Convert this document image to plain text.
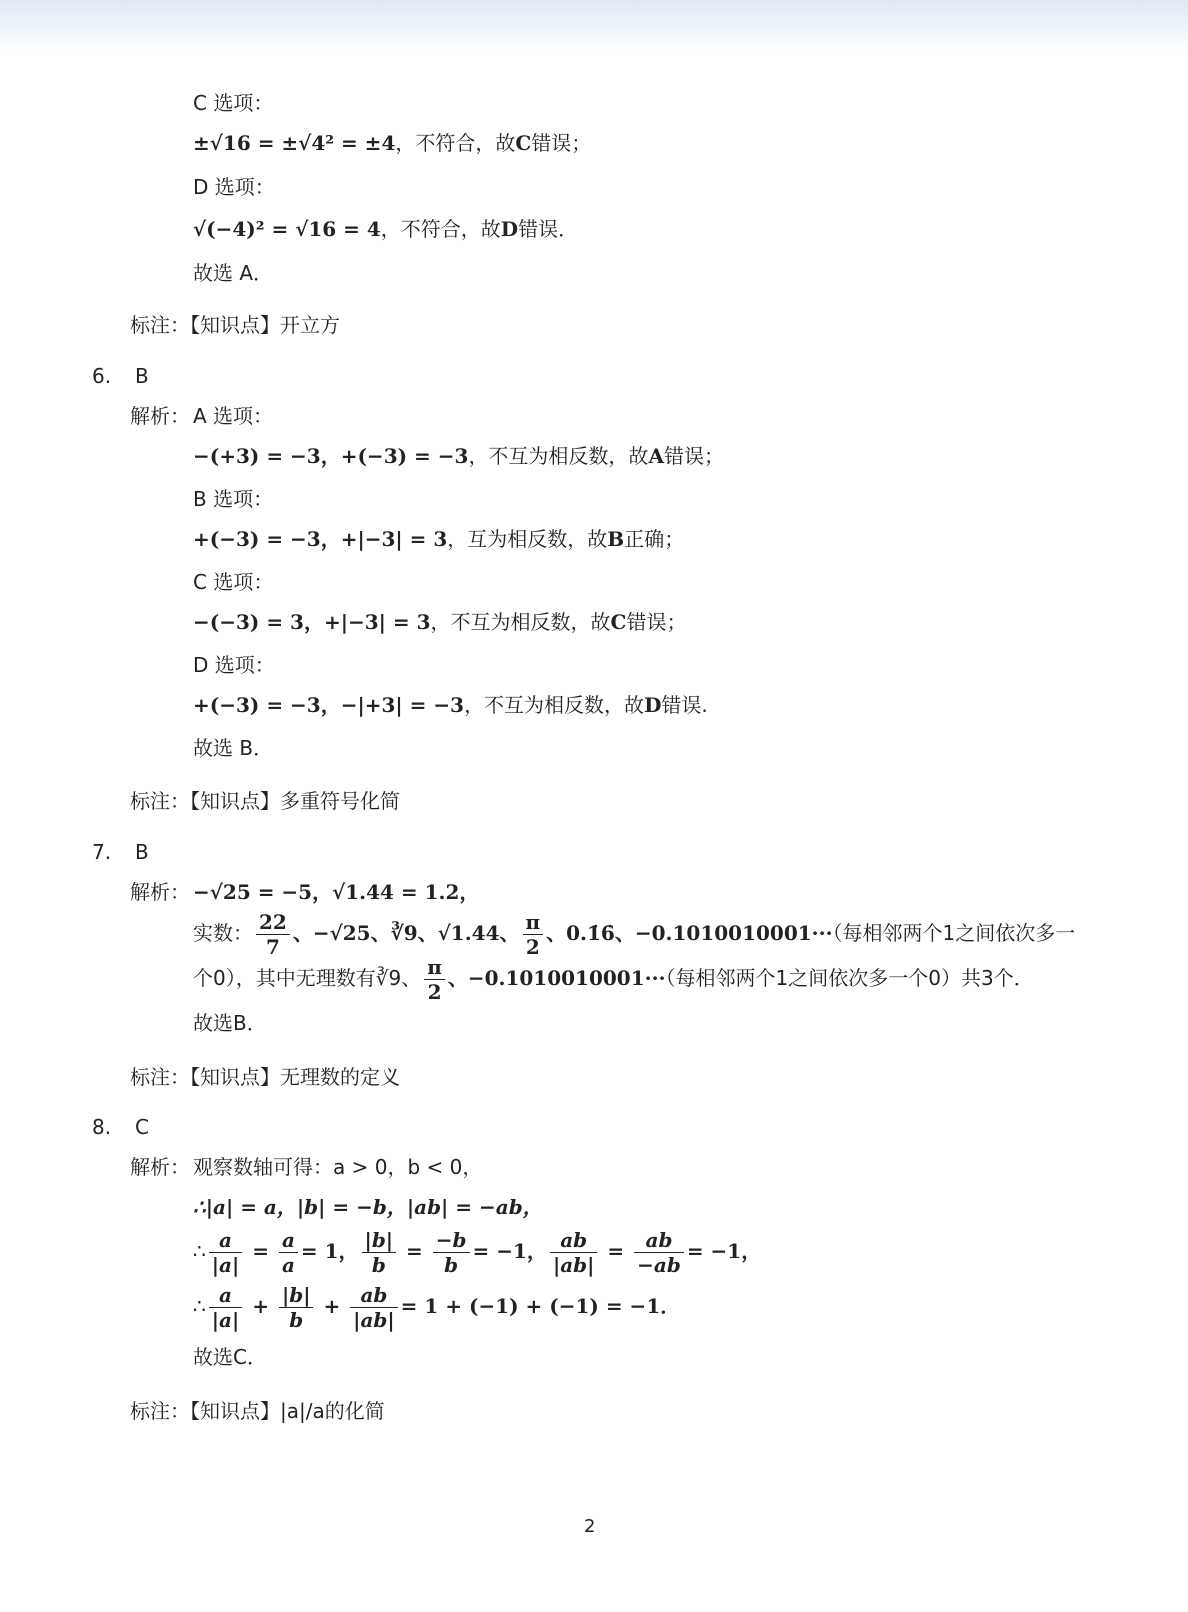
C 选项：
±√16 = ±√4² = ±4，不符合，故C错误；
D 选项：
√(−4)² = √16 = 4，不符合，故D错误．
故选 A．
标注：【知识点】开立方
6. B
解析： A 选项：
−(+3) = −3，+(−3) = −3，不互为相反数，故A错误；
B 选项：
+(−3) = −3，+|−3| = 3，互为相反数，故B正确；
C 选项：
−(−3) = 3，+|−3| = 3，不互为相反数，故C错误；
D 选项：
+(−3) = −3，−|+3| = −3，不互为相反数，故D错误.
故选 B．
标注：【知识点】多重符号化简
7. B
解析： −√25 = −5，√1.44 = 1.2，
实数： $\frac{22}{7}$ 、−√25、∛9、√1.44、 $\frac{\pi}{2}$ 、0.1̇6̇、−0.1010010001···（每相邻两个1之间依次多一
个0），其中无理数有∛9、 $\frac{\pi}{2}$ 、−0.1010010001···（每相邻两个1之间依次多一个0）共3个．
故选B．
标注：【知识点】无理数的定义
8. C
解析： 观察数轴可得：a > 0，b < 0，
∴|a| = a，|b| = −b，|ab| = −ab，
∴ $\frac{a}{|a|} = \frac{a}{a} = 1$， $\frac{|b|}{b} = \frac{-b}{b} = -1$， $\frac{ab}{|ab|} = \frac{ab}{-ab} = -1$，
∴ $\frac{a}{|a|} + \frac{|b|}{b} + \frac{ab}{|ab|} = 1 + (-1) + (-1) = -1$．
故选C．
标注：【知识点】|a|/a的化简
2
